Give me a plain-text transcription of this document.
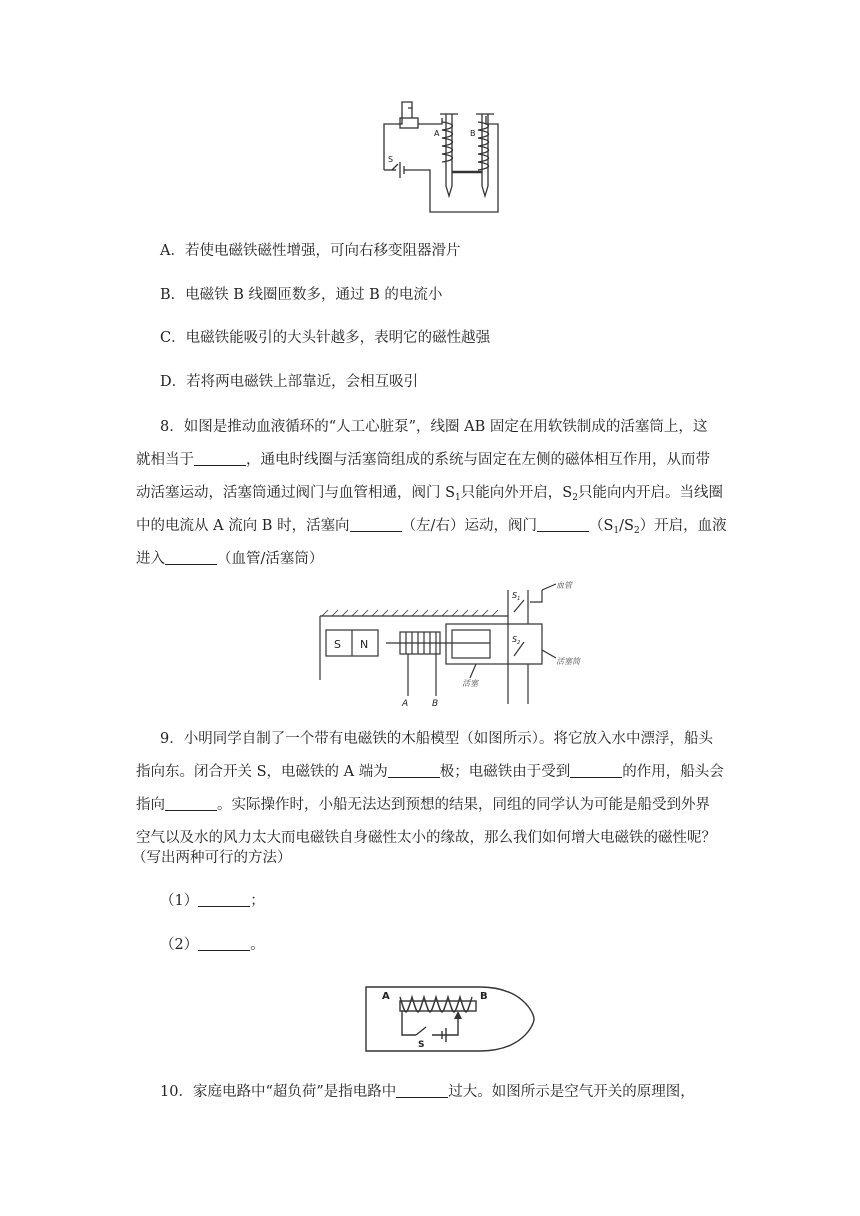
A	B
S
A．若使电磁铁磁性增强，可向右移变阻器滑片
B．电磁铁 B 线圈匝数多，通过 B 的电流小
C．电磁铁能吸引的大头针越多，表明它的磁性越强
D．若将两电磁铁上部靠近，会相互吸引
8．如图是推动血液循环的“人工心脏泵”，线圈 AB 固定在用软铁制成的活塞筒上，这
就相当于	，通电时线圈与活塞筒组成的系统与固定在左侧的磁体相互作用，从而带
动活塞运动，活塞筒通过阀门与血管相通，阀门 $S_1$只能向外开启，$S_2$只能向内开启。当线圈
中的电流从 A 流向 B 时，活塞向	（左/右）运动，阀门	$(S_1/S_2)$开启，血液
进入	（血管/活塞筒）
S N
A	B
$S_1$
$S_2$
血管
活塞筒
活塞
9．小明同学自制了一个带有电磁铁的木船模型（如图所示）。将它放入水中漂浮，船头
指向东。闭合开关 S，电磁铁的 A 端为	极；电磁铁由于受到	的作用，船头会
指向	。实际操作时，小船无法达到预想的结果，同组的同学认为可能是船受到外界
空气以及水的风力太大而电磁铁自身磁性太小的缘故，那么我们如何增大电磁铁的磁性呢？
（写出两种可行的方法）
（1）	；
（2）	。
A	B
S
10．家庭电路中“超负荷”是指电路中	过大。如图所示是空气开关的原理图，
